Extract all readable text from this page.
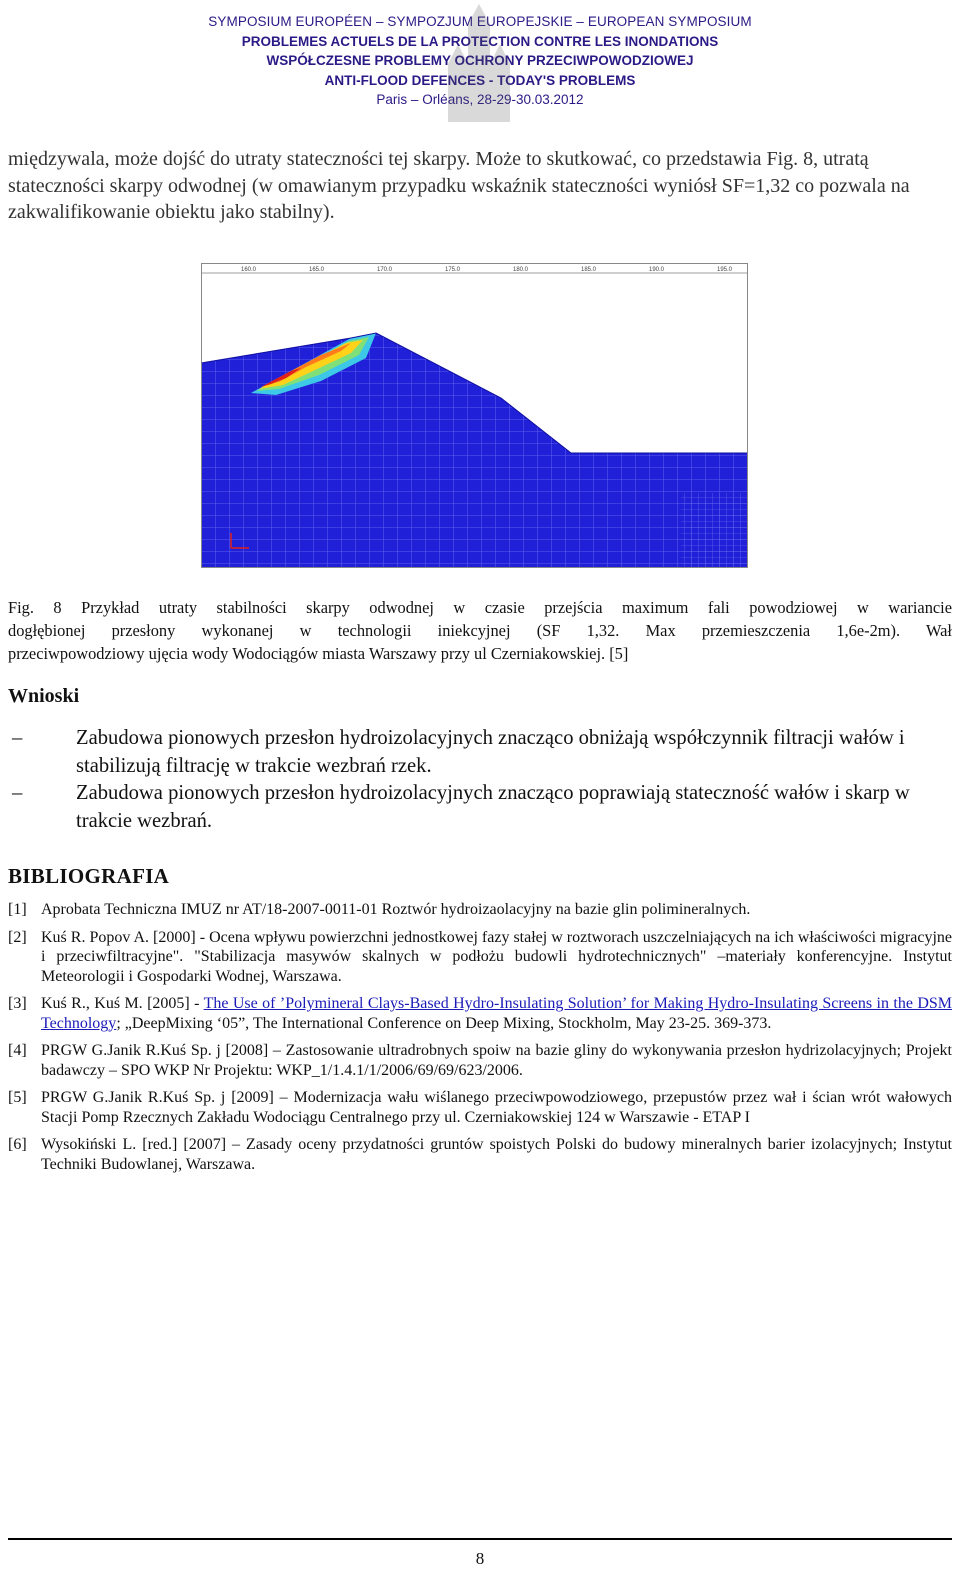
SYMPOSIUM EUROPÉEN – SYMPOZJUM EUROPEJSKIE – EUROPEAN SYMPOSIUM
PROBLEMES ACTUELS DE LA PROTECTION CONTRE LES INONDATIONS
WSPÓŁCZESNE PROBLEMY OCHRONY PRZECIWPOWODZIOWEJ
ANTI-FLOOD DEFENCES - TODAY'S PROBLEMS
Paris – Orléans, 28-29-30.03.2012
międzywala, może dojść do utraty stateczności tej skarpy. Może to skutkować, co przedstawia Fig. 8, utratą stateczności skarpy odwodnej (w omawianym przypadku wskaźnik stateczności wyniósł SF=1,32 co pozwala na zakwalifikowanie obiektu jako stabilny).
160.0	165.0	170.0	175.0	180.0	185.0	190.0	195.0
Fig. 8 Przykład utraty stabilności skarpy odwodnej w czasie przejścia maximum fali powodziowej w wariancie
dogłębionej przesłony wykonanej w technologii iniekcyjnej (SF 1,32. Max przemieszczenia 1,6e-2m). Wał
przeciwpowodziowy ujęcia wody Wodociągów miasta Warszawy przy ul Czerniakowskiej. [5]
Wnioski
–	Zabudowa pionowych przesłon hydroizolacyjnych znacząco obniżają współczynnik filtracji wałów i stabilizują filtrację w trakcie wezbrań rzek.
–	Zabudowa pionowych przesłon hydroizolacyjnych znacząco poprawiają stateczność wałów i skarp w trakcie wezbrań.
BIBLIOGRAFIA
[1] Aprobata Techniczna IMUZ nr AT/18-2007-0011-01 Roztwór hydroizaolacyjny na bazie glin polimineralnych.
[2] Kuś R. Popov A. [2000] - Ocena wpływu powierzchni jednostkowej fazy stałej w roztworach uszczelniających na ich właściwości migracyjne i przeciwfiltracyjne". "Stabilizacja masywów skalnych w podłożu budowli hydrotechnicznych" –materiały konferencyjne. Instytut Meteorologii i Gospodarki Wodnej, Warszawa.
[3] Kuś R., Kuś M. [2005] - The Use of ’Polymineral Clays-Based Hydro-Insulating Solution’ for Making Hydro-Insulating Screens in the DSM Technology; „DeepMixing ‘05”, The International Conference on Deep Mixing, Stockholm, May 23-25. 369-373.
[4] PRGW G.Janik R.Kuś Sp. j [2008] – Zastosowanie ultradrobnych spoiw na bazie gliny do wykonywania przesłon hydrizolacyjnych; Projekt badawczy – SPO WKP Nr Projektu: WKP_1/1.4.1/1/2006/69/69/623/2006.
[5] PRGW G.Janik R.Kuś Sp. j [2009] – Modernizacja wału wiślanego przeciwpowodziowego, przepustów przez wał i ścian wrót wałowych Stacji Pomp Rzecznych Zakładu Wodociągu Centralnego przy ul. Czerniakowskiej 124 w Warszawie - ETAP I
[6] Wysokiński L. [red.] [2007] – Zasady oceny przydatności gruntów spoistych Polski do budowy mineralnych barier izolacyjnych; Instytut Techniki Budowlanej, Warszawa.
8
